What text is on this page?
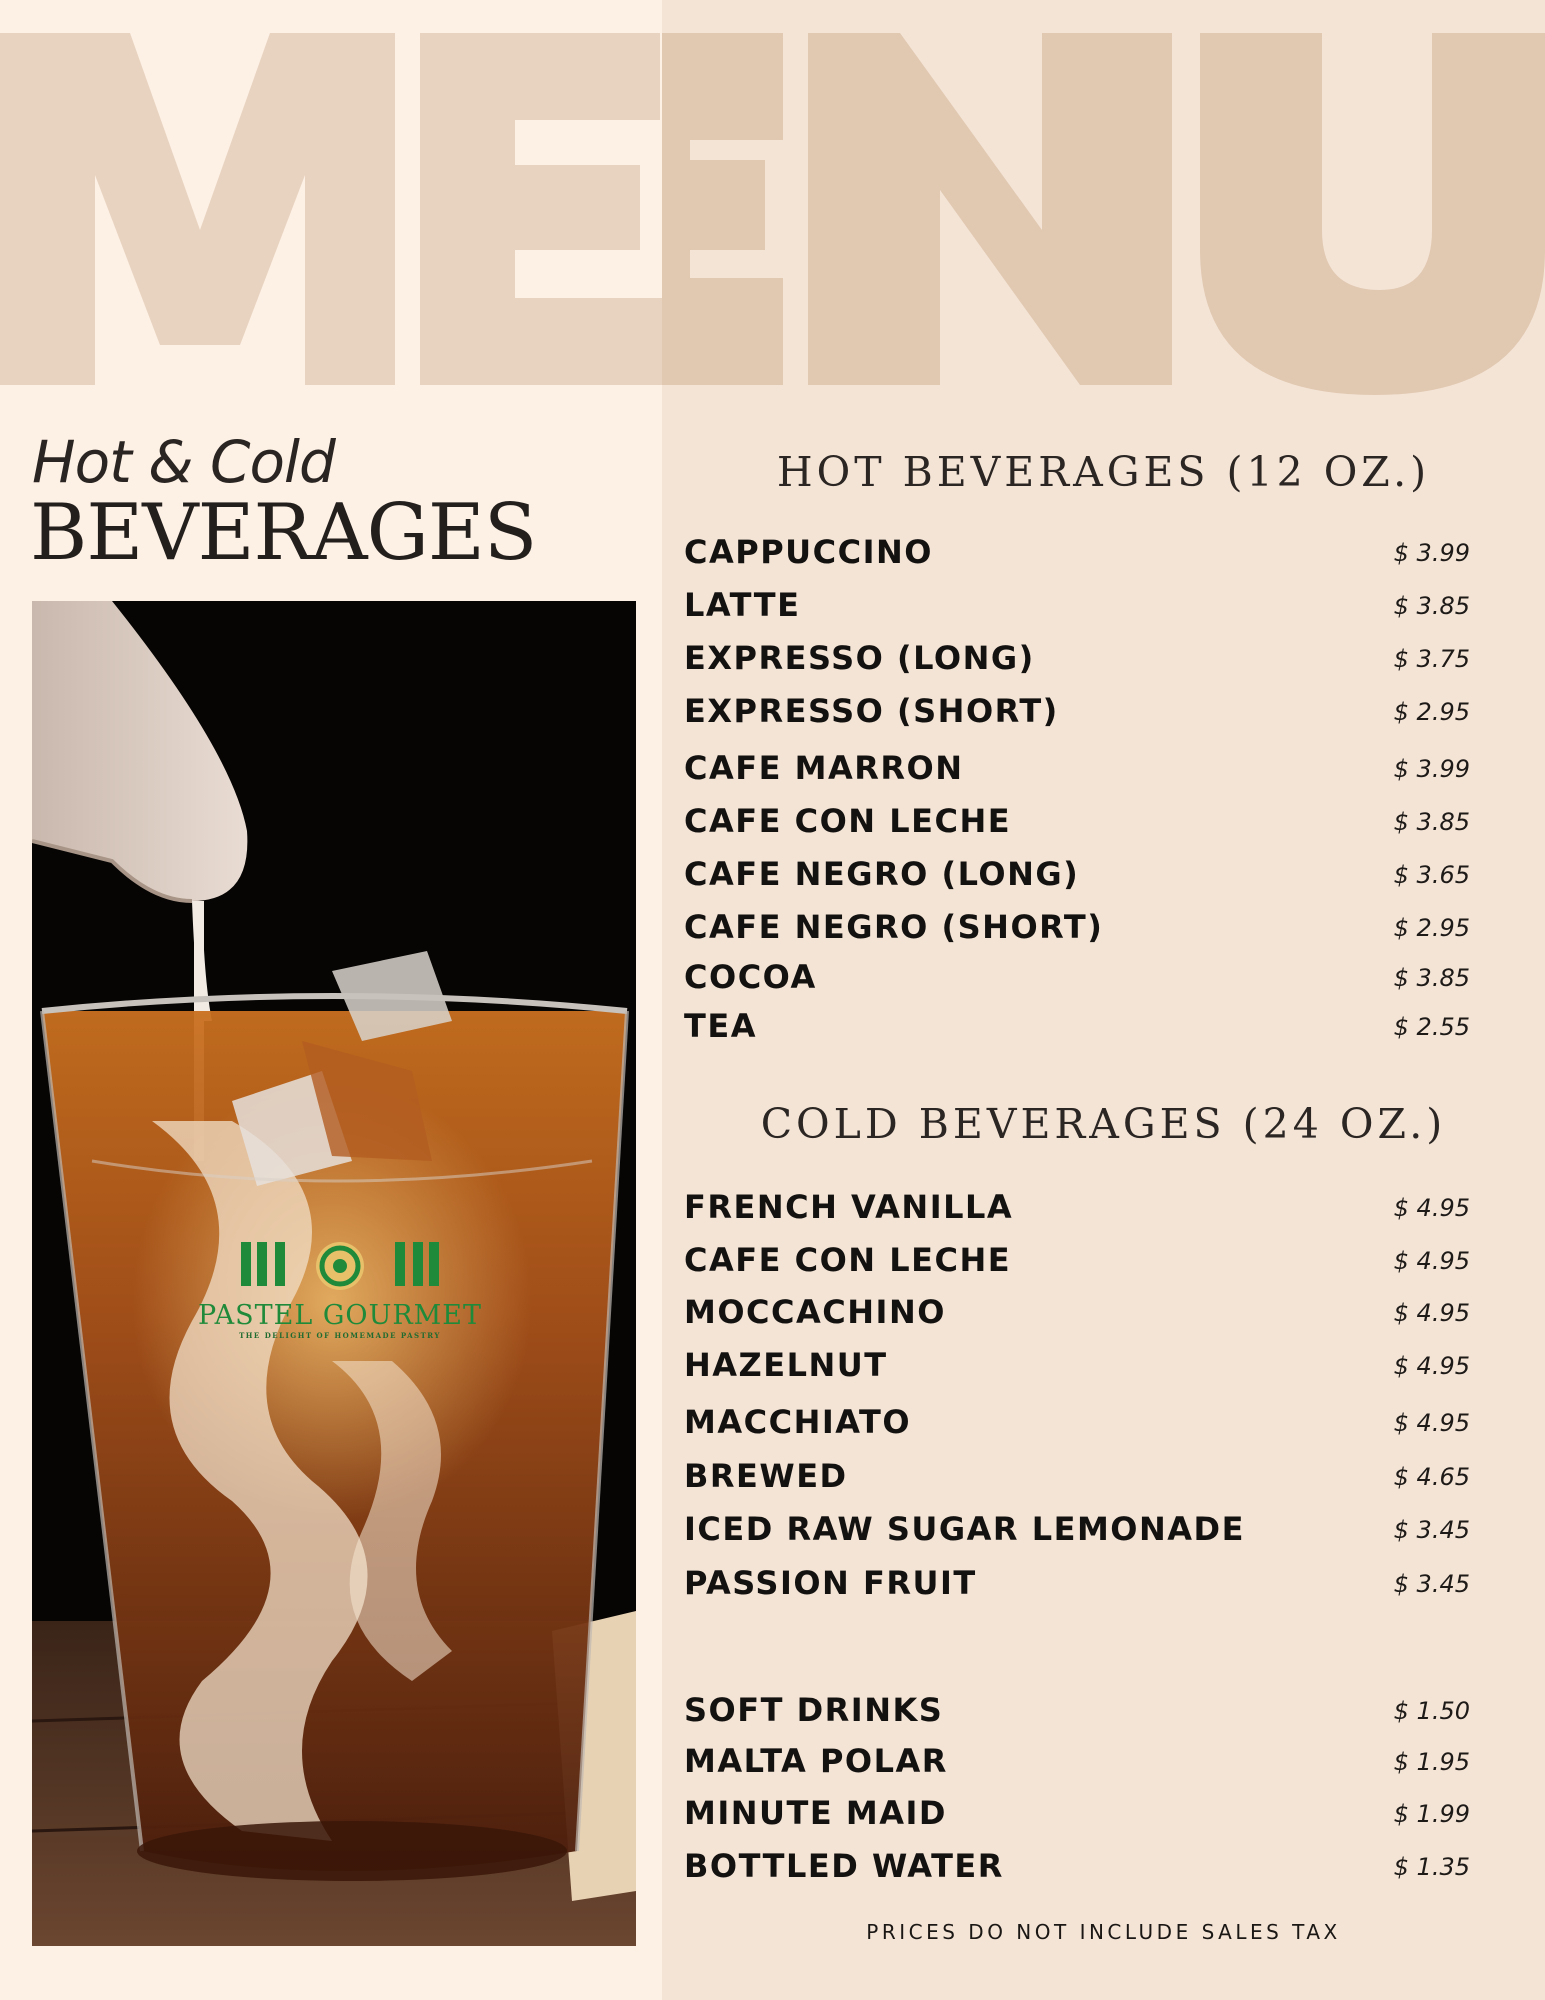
Hot & Cold
BEVERAGES
PASTEL GOURMET
THE DELIGHT OF HOMEMADE PASTRY
HOT BEVERAGES (12 OZ.)
CAPPUCCINO	$ 3.99
LATTE	$ 3.85
EXPRESSO (LONG)	$ 3.75
EXPRESSO (SHORT)	$ 2.95
CAFE MARRON	$ 3.99
CAFE CON LECHE	$ 3.85
CAFE NEGRO (LONG)	$ 3.65
CAFE NEGRO (SHORT)	$ 2.95
COCOA	$ 3.85
TEA	$ 2.55
COLD BEVERAGES (24 OZ.)
FRENCH VANILLA	$ 4.95
CAFE CON LECHE	$ 4.95
MOCCACHINO	$ 4.95
HAZELNUT	$ 4.95
MACCHIATO	$ 4.95
BREWED	$ 4.65
ICED RAW SUGAR LEMONADE	$ 3.45
PASSION FRUIT	$ 3.45
SOFT DRINKS	$ 1.50
MALTA POLAR	$ 1.95
MINUTE MAID	$ 1.99
BOTTLED WATER	$ 1.35
PRICES DO NOT INCLUDE SALES TAX
